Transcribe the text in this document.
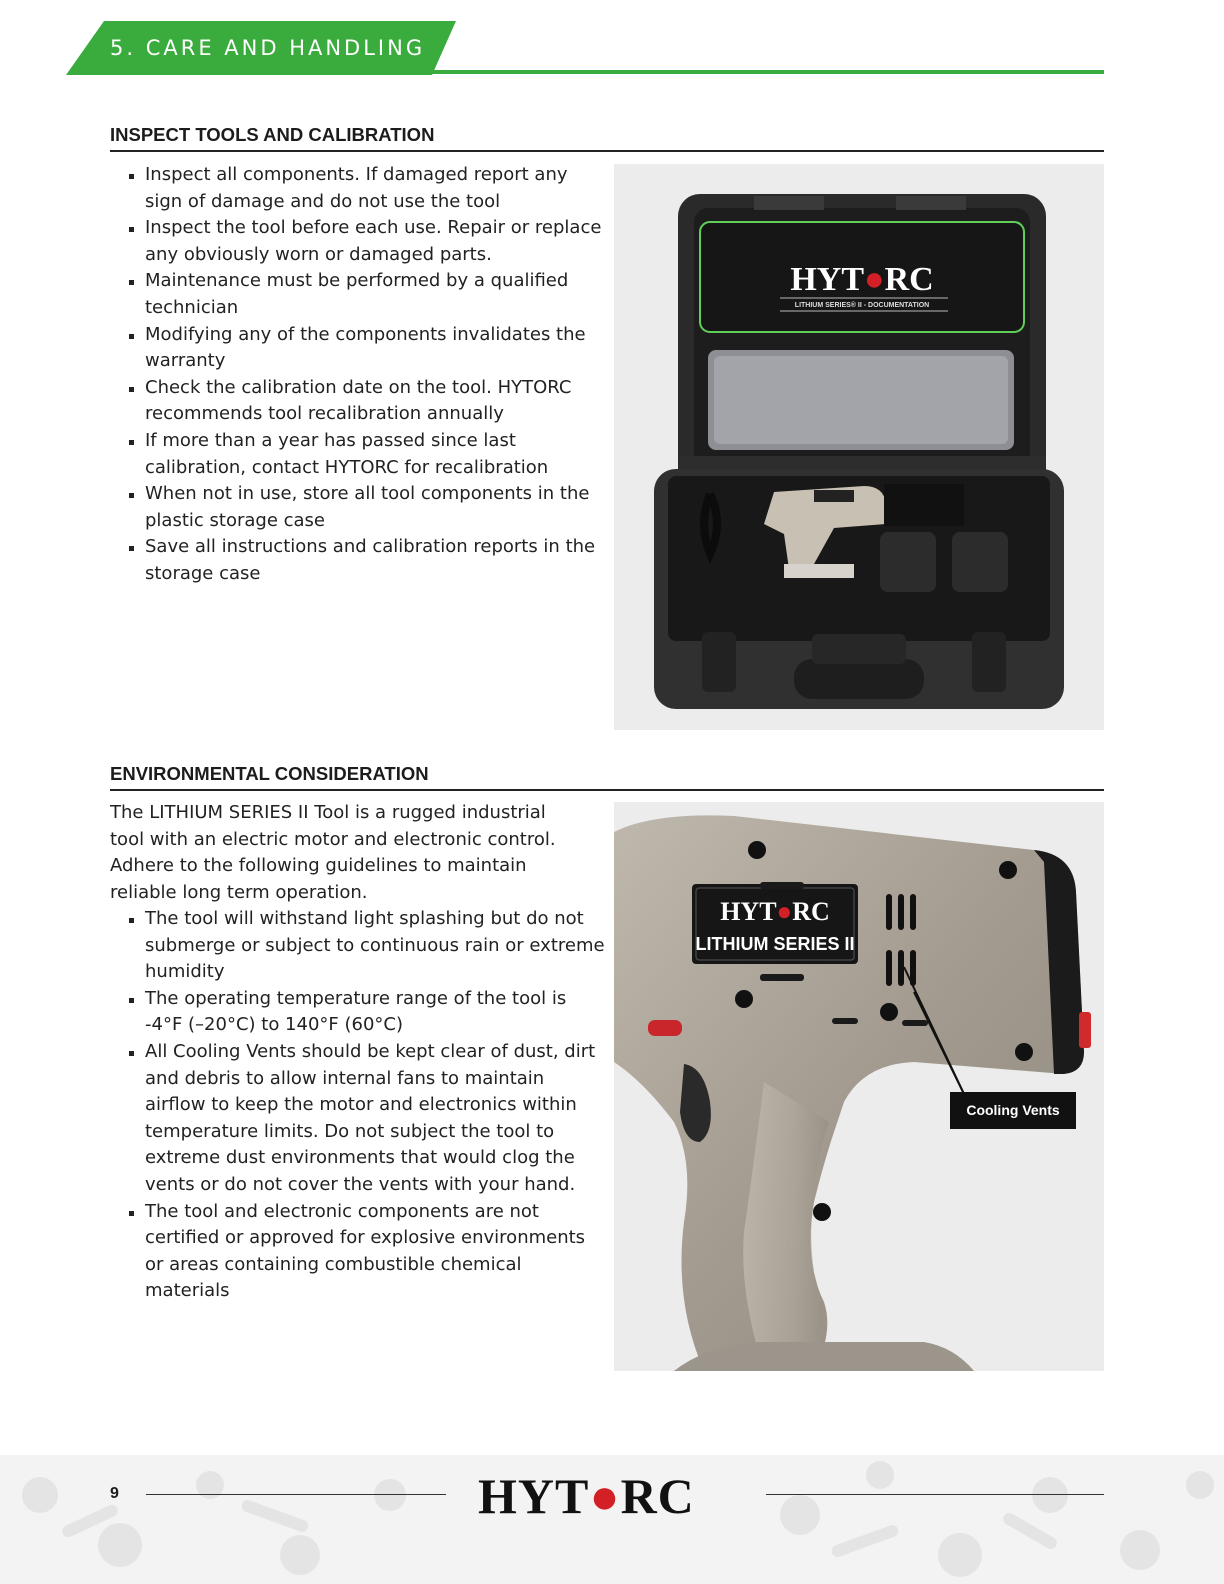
5. CARE AND HANDLING
INSPECT TOOLS AND CALIBRATION
Inspect all components. If damaged report any sign of damage and do not use the tool
Inspect the tool before each use. Repair or replace any obviously worn or damaged parts.
Maintenance must be performed by a qualified technician
Modifying any of the components invalidates the warranty
Check the calibration date on the tool. HYTORC recommends tool recalibration annually
If more than a year has passed since last calibration, contact HYTORC for recalibration
When not in use, store all tool components in the plastic storage case
Save all instructions and calibration reports in the storage case
HYT●RC
LITHIUM SERIES® II - DOCUMENTATION
ENVIRONMENTAL CONSIDERATION

The LITHIUM SERIES II Tool is a rugged industrial tool with an electric motor and electronic control. Adhere to the following guidelines to maintain reliable long term operation.

The tool will withstand light splashing but do not submerge or subject to continuous rain or extreme humidity
The operating temperature range of the tool is -4°F (–20°C) to 140°F (60°C)
All Cooling Vents should be kept clear of dust, dirt and debris to allow internal fans to maintain airflow to keep the motor and electronics within temperature limits. Do not subject the tool to extreme dust environments that would clog the vents or do not cover the vents with your hand.
The tool and electronic components are not certified or approved for explosive environments or areas containing combustible chemical materials
HYT●RC
LITHIUM SERIES II
Cooling Vents
9	HYT●RC
